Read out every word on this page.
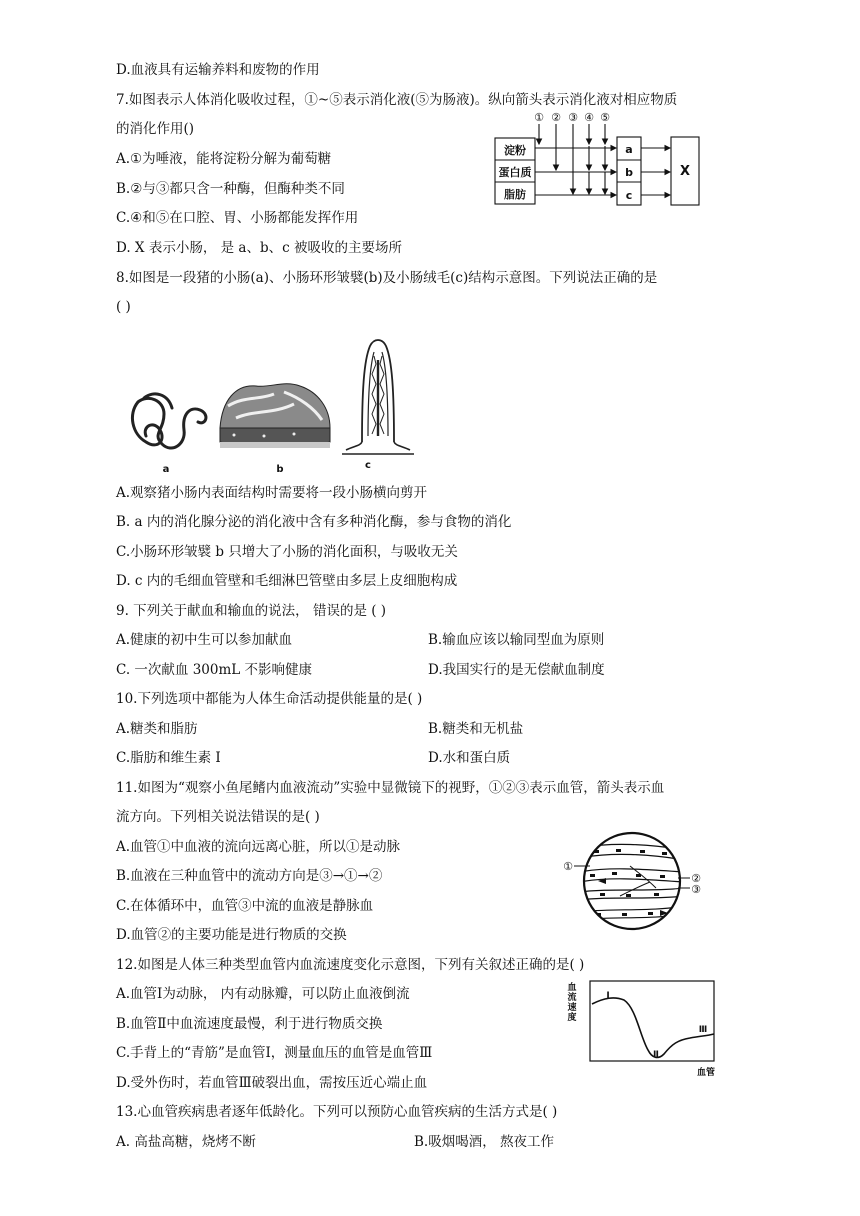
D.血液具有运输养料和废物的作用
7.如图表示人体消化吸收过程，①~⑤表示消化液(⑤为肠液)。纵向箭头表示消化液对相应物质
的消化作用()
A.①为唾液，能将淀粉分解为葡萄糖
B.②与③都只含一种酶，但酶种类不同
C.④和⑤在口腔、胃、小肠都能发挥作用
D. X 表示小肠， 是 a、b、c 被吸收的主要场所
① ② ③ ④ ⑤
淀粉
蛋白质
脂肪
a
b
c
X
8.如图是一段猪的小肠(a)、小肠环形皱襞(b)及小肠绒毛(c)结构示意图。下列说法正确的是
( )
a	b	c
A.观察猪小肠内表面结构时需要将一段小肠横向剪开
B. a 内的消化腺分泌的消化液中含有多种消化酶，参与食物的消化
C.小肠环形皱襞 b 只增大了小肠的消化面积，与吸收无关
D. c 内的毛细血管壁和毛细淋巴管壁由多层上皮细胞构成
9. 下列关于献血和输血的说法， 错误的是 ( )
A.健康的初中生可以参加献血	B.输血应该以输同型血为原则
C. 一次献血 300mL 不影响健康	D.我国实行的是无偿献血制度
10.下列选项中都能为人体生命活动提供能量的是( )
A.糖类和脂肪	B.糖类和无机盐
C.脂肪和维生素 I	D.水和蛋白质
11.如图为“观察小鱼尾鳍内血液流动”实验中显微镜下的视野，①②③表示血管，箭头表示血
流方向。下列相关说法错误的是( )
A.血管①中血液的流向远离心脏，所以①是动脉
B.血液在三种血管中的流动方向是③→①→②
C.在体循环中，血管③中流的血液是静脉血
D.血管②的主要功能是进行物质的交换
①
②
③
12.如图是人体三种类型血管内血流速度变化示意图，下列有关叙述正确的是( )
A.血管Ⅰ为动脉， 内有动脉瓣，可以防止血液倒流
B.血管Ⅱ中血流速度最慢，利于进行物质交换
C.手背上的“青筋”是血管Ⅰ，测量血压的血管是血管Ⅲ
D.受外伤时，若血管Ⅲ破裂出血，需按压近心端止血
血
流
速
度
血管
Ⅰ
Ⅱ
Ⅲ
13.心血管疾病患者逐年低龄化。下列可以预防心血管疾病的生活方式是( )
A. 高盐高糖，烧烤不断	B.吸烟喝酒， 熬夜工作
